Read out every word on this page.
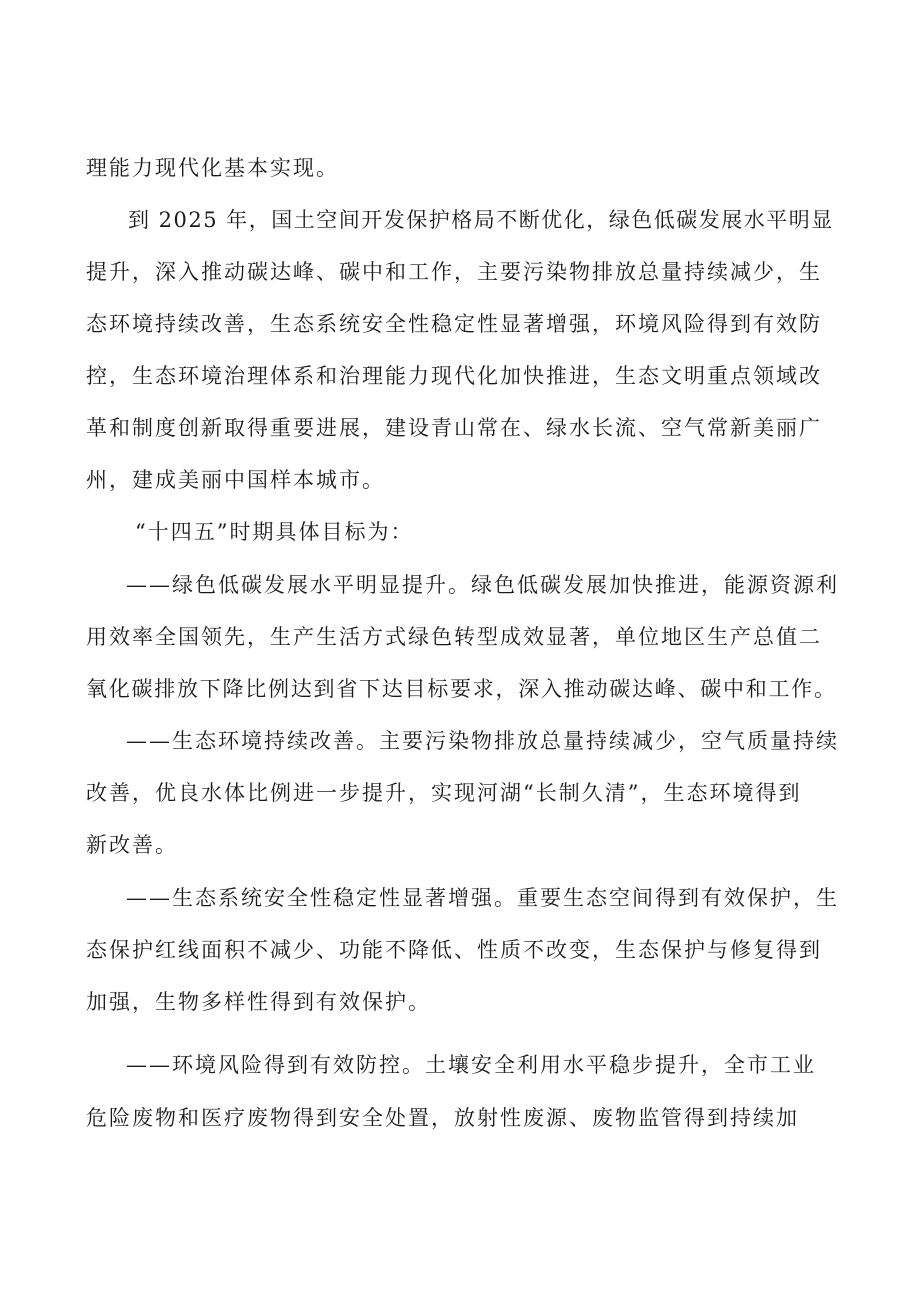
理能力现代化基本实现。

到 2025 年，国土空间开发保护格局不断优化，绿色低碳发展水平明显

提升，深入推动碳达峰、碳中和工作，主要污染物排放总量持续减少，生

态环境持续改善，生态系统安全性稳定性显著增强，环境风险得到有效防

控，生态环境治理体系和治理能力现代化加快推进，生态文明重点领域改

革和制度创新取得重要进展，建设青山常在、绿水长流、空气常新美丽广

州，建成美丽中国样本城市。

“十四五”时期具体目标为：

——绿色低碳发展水平明显提升。绿色低碳发展加快推进，能源资源利

用效率全国领先，生产生活方式绿色转型成效显著，单位地区生产总值二

氧化碳排放下降比例达到省下达目标要求，深入推动碳达峰、碳中和工作。

——生态环境持续改善。主要污染物排放总量持续减少，空气质量持续

改善，优良水体比例进一步提升，实现河湖“长制久清”，生态环境得到

新改善。

——生态系统安全性稳定性显著增强。重要生态空间得到有效保护，生

态保护红线面积不减少、功能不降低、性质不改变，生态保护与修复得到

加强，生物多样性得到有效保护。

——环境风险得到有效防控。土壤安全利用水平稳步提升，全市工业

危险废物和医疗废物得到安全处置，放射性废源、废物监管得到持续加
